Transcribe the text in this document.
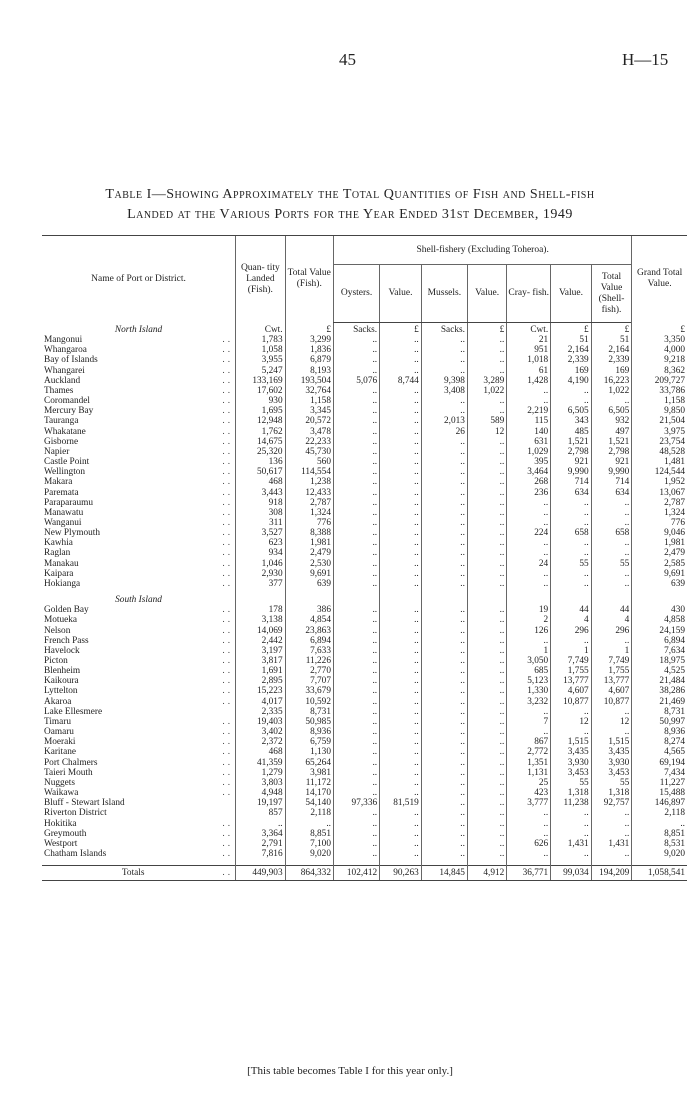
45	H—15
Table I—Showing Approximately the Total Quantities of Fish and Shell-fish
Landed at the Various Ports for the Year Ended 31st December, 1949
Name of Port or District.	Quan- tity Landed (Fish).	Total Value (Fish).	Shell-fishery (Excluding Toheroa).							Grand Total Value.
			Oysters.	Value.	Mussels.	Value.	Cray- fish.	Value.	Total Value (Shell- fish).	
North Island	Cwt.	£	Sacks.	£	Sacks.	£	Cwt.	£	£	£
Mangonui ..	1,783	3,299	..	..	..	..	21	51	51	3,350
Whangaroa ..	1,058	1,836	..	..	..	..	951	2,164	2,164	4,000
Bay of Islands ..	3,955	6,879	..	..	..	..	1,018	2,339	2,339	9,218
Whangarei ..	5,247	8,193	..	..	..	..	61	169	169	8,362
Auckland ..	133,169	193,504	5,076	8,744	9,398	3,289	1,428	4,190	16,223	209,727
Thames ..	17,602	32,764	..	..	3,408	1,022	..	..	1,022	33,786
Coromandel ..	930	1,158	..	..	..	..	..	..	..	1,158
Mercury Bay ..	1,695	3,345	..	..	..	..	2,219	6,505	6,505	9,850
Tauranga ..	12,948	20,572	..	..	2,013	589	115	343	932	21,504
Whakatane ..	1,762	3,478	..	..	26	12	140	485	497	3,975
Gisborne ..	14,675	22,233	..	..	..	..	631	1,521	1,521	23,754
Napier ..	25,320	45,730	..	..	..	..	1,029	2,798	2,798	48,528
Castle Point ..	136	560	..	..	..	..	395	921	921	1,481
Wellington ..	50,617	114,554	..	..	..	..	3,464	9,990	9,990	124,544
Makara ..	468	1,238	..	..	..	..	268	714	714	1,952
Paremata ..	3,443	12,433	..	..	..	..	236	634	634	13,067
Paraparaumu ..	918	2,787	..	..	..	..	..	..	..	2,787
Manawatu ..	308	1,324	..	..	..	..	..	..	..	1,324
Wanganui ..	311	776	..	..	..	..	..	..	..	776
New Plymouth ..	3,527	8,388	..	..	..	..	224	658	658	9,046
Kawhia ..	623	1,981	..	..	..	..	..	..	..	1,981
Raglan ..	934	2,479	..	..	..	..	..	..	..	2,479
Manakau ..	1,046	2,530	..	..	..	..	24	55	55	2,585
Kaipara ..	2,930	9,691	..	..	..	..	..	..	..	9,691
Hokianga ..	377	639	..	..	..	..	..	..	..	639

South Island										
Golden Bay ..	178	386	..	..	..	..	19	44	44	430
Motueka ..	3,138	4,854	..	..	..	..	2	4	4	4,858
Nelson ..	14,069	23,863	..	..	..	..	126	296	296	24,159
French Pass ..	2,442	6,894	..	..	..	..	..	..	..	6,894
Havelock ..	3,197	7,633	..	..	..	..	1	1	1	7,634
Picton ..	3,817	11,226	..	..	..	..	3,050	7,749	7,749	18,975
Blenheim ..	1,691	2,770	..	..	..	..	685	1,755	1,755	4,525
Kaikoura ..	2,895	7,707	..	..	..	..	5,123	13,777	13,777	21,484
Lyttelton ..	15,223	33,679	..	..	..	..	1,330	4,607	4,607	38,286
Akaroa ..	4,017	10,592	..	..	..	..	3,232	10,877	10,877	21,469
Lake Ellesmere	2,335	8,731	..	..	..	..	..	..	..	8,731
Timaru ..	19,403	50,985	..	..	..	..	7	12	12	50,997
Oamaru ..	3,402	8,936	..	..	..	..	..	..	..	8,936
Moeraki ..	2,372	6,759	..	..	..	..	867	1,515	1,515	8,274
Karitane ..	468	1,130	..	..	..	..	2,772	3,435	3,435	4,565
Port Chalmers ..	41,359	65,264	..	..	..	..	1,351	3,930	3,930	69,194
Taieri Mouth ..	1,279	3,981	..	..	..	..	1,131	3,453	3,453	7,434
Nuggets ..	3,803	11,172	..	..	..	..	25	55	55	11,227
Waikawa ..	4,948	14,170	..	..	..	..	423	1,318	1,318	15,488
Bluff - Stewart Island	19,197	54,140	97,336	81,519	..	..	3,777	11,238	92,757	146,897
Riverton District	857	2,118	..	..	..	..	..	..	..	2,118
Hokitika ..	..	..	..	..	..	..	..	..	..	..
Greymouth ..	3,364	8,851	..	..	..	..	..	..	..	8,851
Westport ..	2,791	7,100	..	..	..	..	626	1,431	1,431	8,531
Chatham Islands ..	7,816	9,020	..	..	..	..	..	..	..	9,020

Totals ..	449,903	864,332	102,412	90,263	14,845	4,912	36,771	99,034	194,209	1,058,541
[This table becomes Table I for this year only.]
